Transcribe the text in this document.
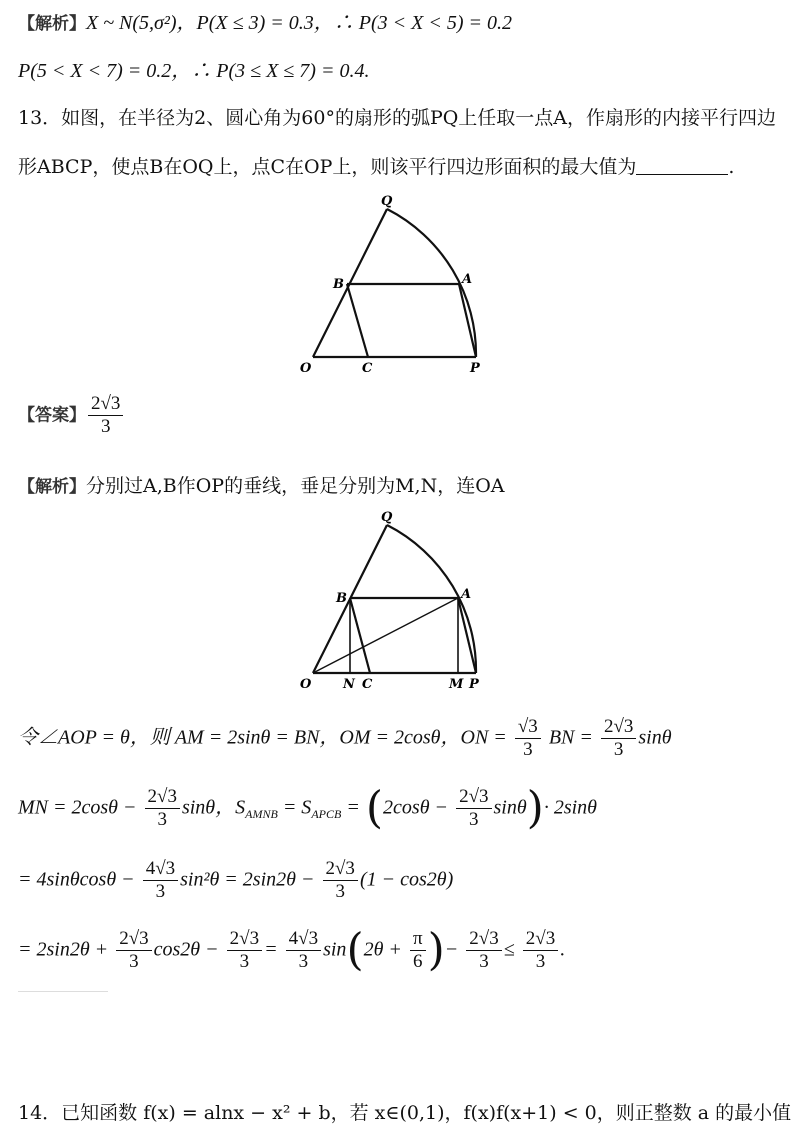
【解析】X ~ N(5,σ²)，P(X ≤ 3) = 0.3，∴ P(3 < X < 5) = 0.2
P(5 < X < 7) = 0.2，∴ P(3 ≤ X ≤ 7) = 0.4.
13．如图，在半径为2、圆心角为60°的扇形的弧PQ上任取一点A，作扇形的内接平行四边
形ABCP，使点B在OQ上，点C在OP上，则该平行四边形面积的最大值为	.
Q
B	A
O	C	P
Q
B	A
O N C	M P
【答案】 $\frac{2√3}{3}$
【解析】分别过A,B作OP的垂线，垂足分别为M,N，连OA
令∠AOP = θ，则 AM = 2sinθ = BN，OM = 2cosθ，ON = $\frac{√3}{3}$ BN = $\frac{2√3}{3}$ sinθ
MN = $2\cos\theta - \frac{2√3}{3}$ sinθ，$S_{AMNB} = S_{APCB} = (2\cos\theta - \frac{2√3}{3} \sin\theta)\cdot 2\sin\theta$
= $4\sin\theta\cos\theta - \frac{4√3}{3} \sin^2\theta = 2\sin 2\theta - \frac{2√3}{3} (1 - \cos 2\theta)$
= $2\sin 2\theta + \frac{2√3}{3} \cos 2\theta - \frac{2√3}{3} = \frac{4√3}{3} \sin(2\theta + \frac{\pi}{6}$ )− $\frac{2√3}{3} \le \frac{2√3}{3}$ .
14．已知函数 f(x) = alnx − x² + b，若 x∈(0,1)，f(x)f(x+1) < 0，则正整数 a 的最小值
